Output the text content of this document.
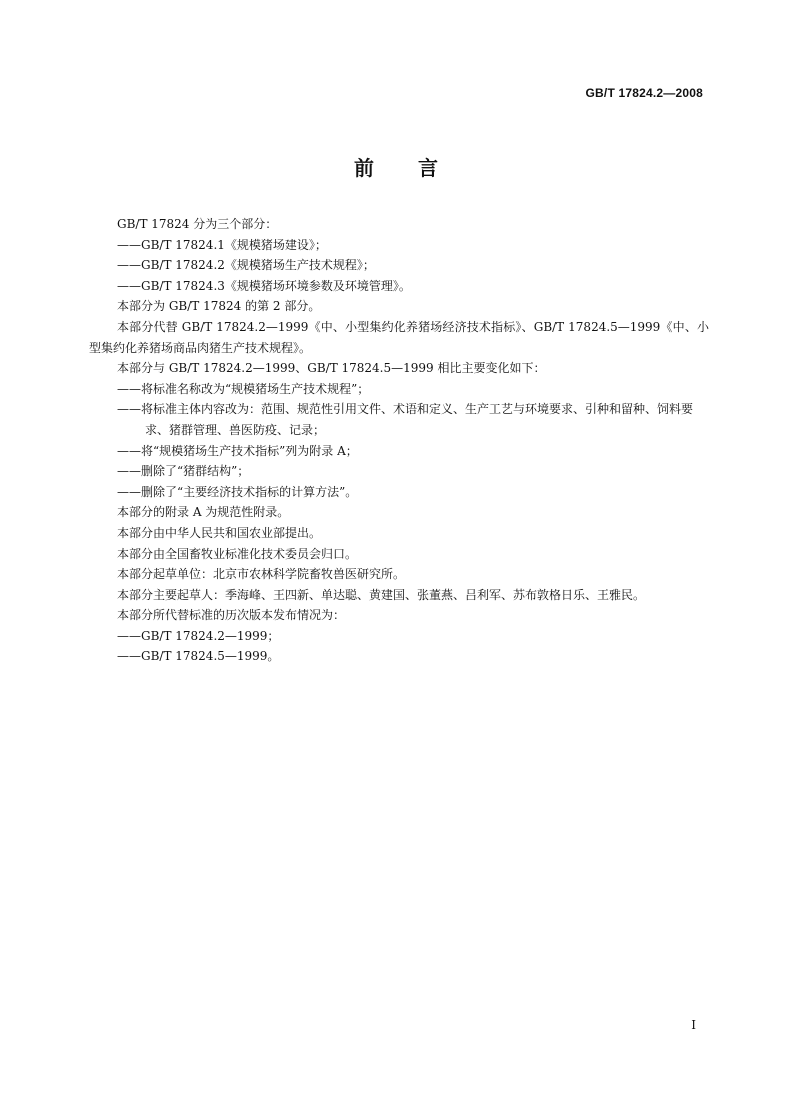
GB/T 17824.2—2008
前 言

GB/T 17824 分为三个部分：

——GB/T 17824.1《规模猪场建设》；

——GB/T 17824.2《规模猪场生产技术规程》；

——GB/T 17824.3《规模猪场环境参数及环境管理》。

本部分为 GB/T 17824 的第 2 部分。

本部分代替 GB/T 17824.2—1999《中、小型集约化养猪场经济技术指标》、GB/T 17824.5—1999《中、小型集约化养猪场商品肉猪生产技术规程》。

本部分与 GB/T 17824.2—1999、GB/T 17824.5—1999 相比主要变化如下：

——将标准名称改为“规模猪场生产技术规程”；

——将标准主体内容改为：范围、规范性引用文件、术语和定义、生产工艺与环境要求、引种和留种、饲料要求、猪群管理、兽医防疫、记录；

——将“规模猪场生产技术指标”列为附录 A；

——删除了“猪群结构”；

——删除了“主要经济技术指标的计算方法”。

本部分的附录 A 为规范性附录。

本部分由中华人民共和国农业部提出。

本部分由全国畜牧业标准化技术委员会归口。

本部分起草单位：北京市农林科学院畜牧兽医研究所。

本部分主要起草人：季海峰、王四新、单达聪、黄建国、张董燕、吕利军、苏布敦格日乐、王雅民。

本部分所代替标准的历次版本发布情况为：

——GB/T 17824.2—1999；

——GB/T 17824.5—1999。

I
